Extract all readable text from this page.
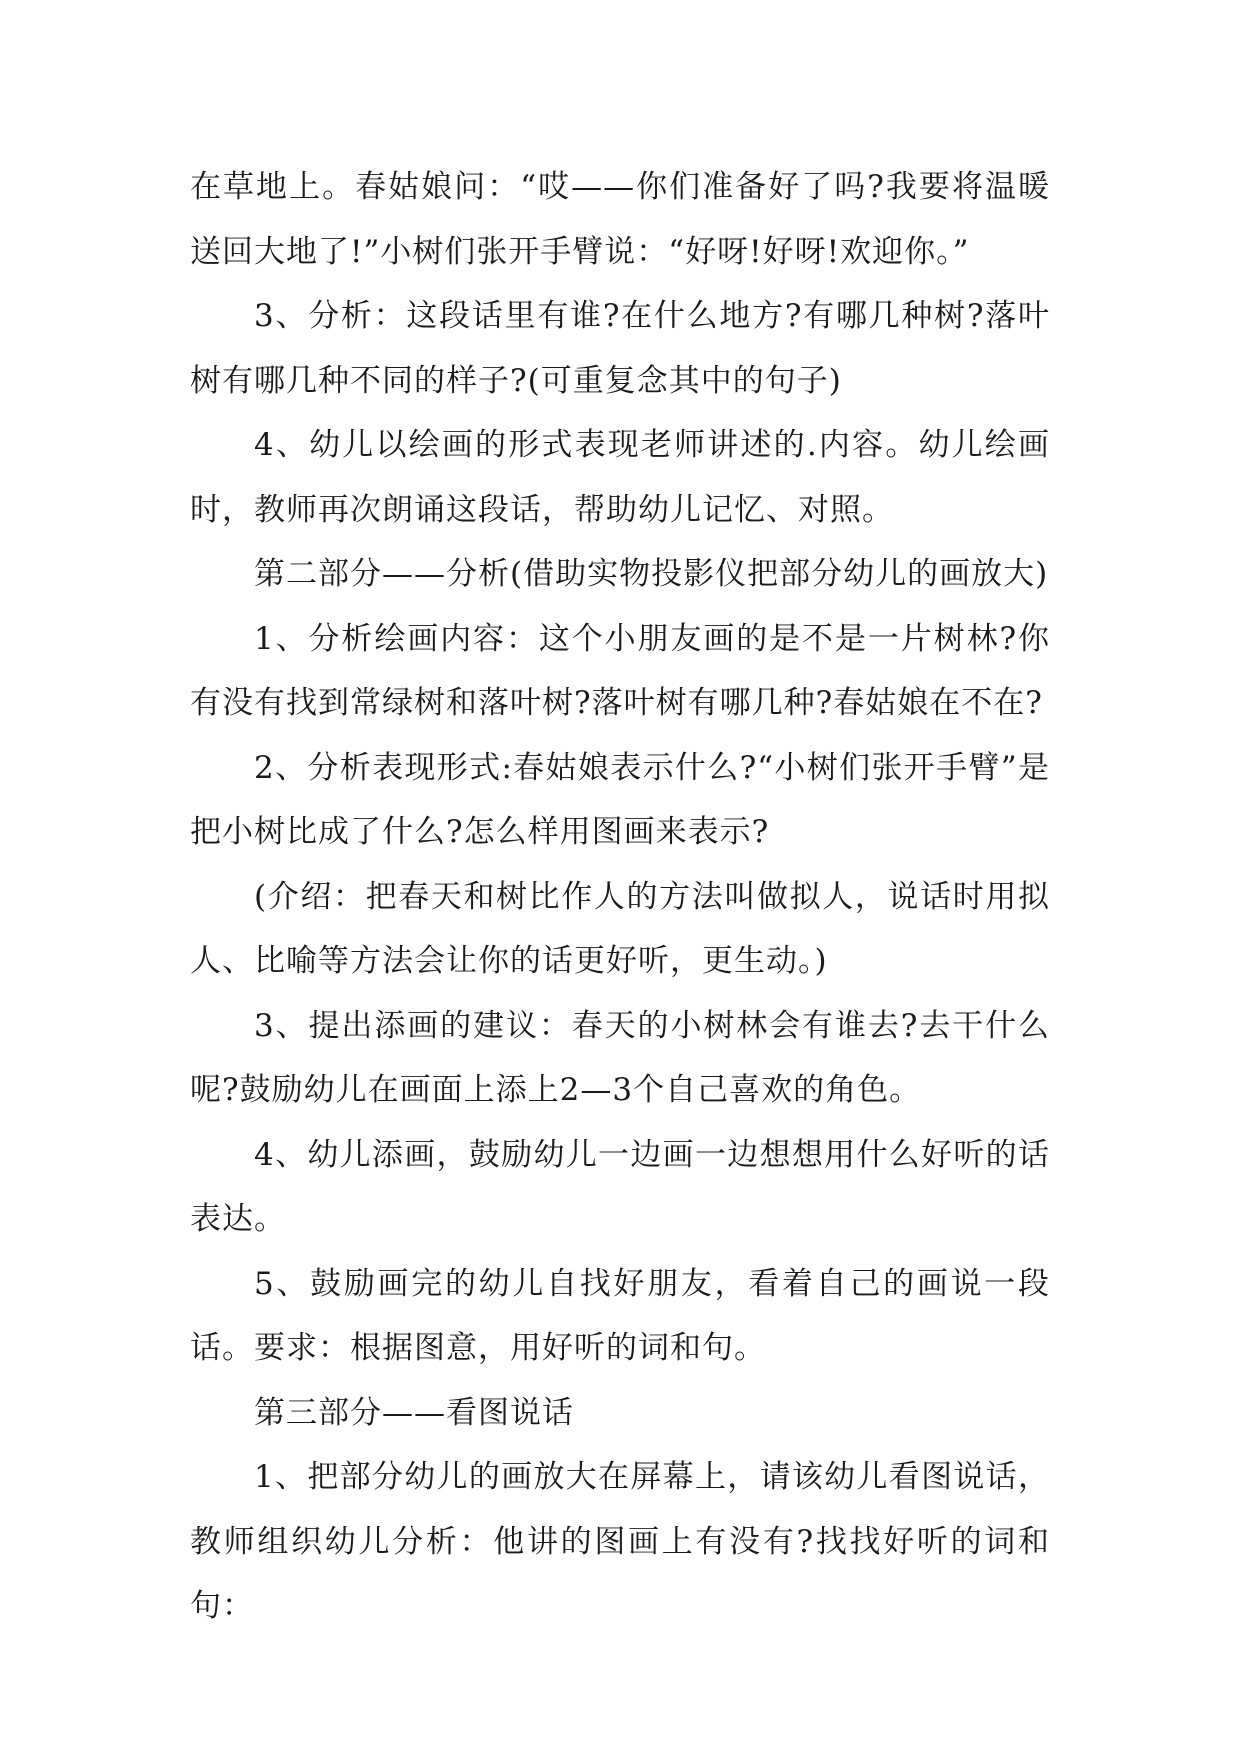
在草地上。春姑娘问：“哎——你们准备好了吗?我要将温暖送回大地了!”小树们张开手臂说：“好呀!好呀!欢迎你。”

3、分析：这段话里有谁?在什么地方?有哪几种树?落叶树有哪几种不同的样子?(可重复念其中的句子)

4、幼儿以绘画的形式表现老师讲述的.内容。幼儿绘画时，教师再次朗诵这段话，帮助幼儿记忆、对照。

第二部分——分析(借助实物投影仪把部分幼儿的画放大)

1、分析绘画内容：这个小朋友画的是不是一片树林?你有没有找到常绿树和落叶树?落叶树有哪几种?春姑娘在不在?

2、分析表现形式:春姑娘表示什么?“小树们张开手臂”是把小树比成了什么?怎么样用图画来表示?

(介绍：把春天和树比作人的方法叫做拟人，说话时用拟人、比喻等方法会让你的话更好听，更生动。)

3、提出添画的建议：春天的小树林会有谁去?去干什么呢?鼓励幼儿在画面上添上2—3个自己喜欢的角色。

4、幼儿添画，鼓励幼儿一边画一边想想用什么好听的话表达。

5、鼓励画完的幼儿自找好朋友，看着自己的画说一段话。要求：根据图意，用好听的词和句。

第三部分——看图说话

1、把部分幼儿的画放大在屏幕上，请该幼儿看图说话，教师组织幼儿分析：他讲的图画上有没有?找找好听的词和句：
